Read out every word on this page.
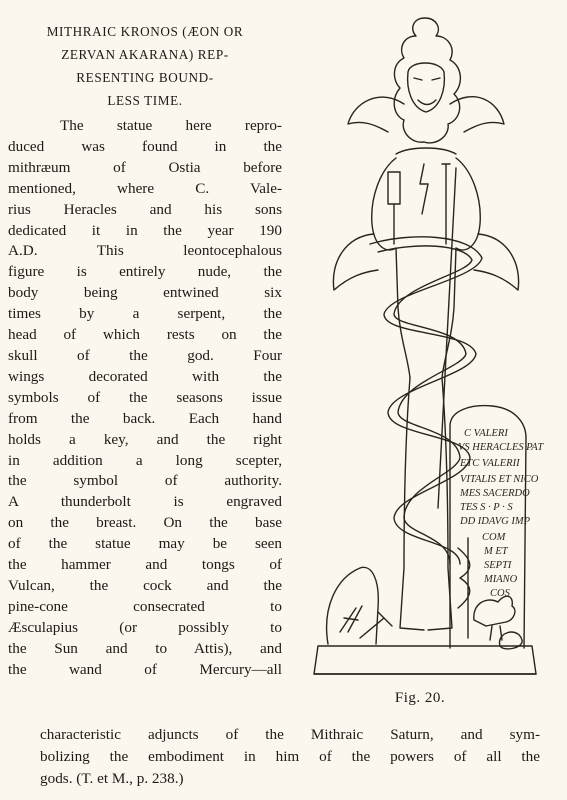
MITHRAIC KRONOS (ÆON OR
ZERVAN AKARANA) REP-
RESENTING BOUND-
LESS TIME.

The statue here repro-
duced was found in the
mithræum of Ostia before
mentioned, where C. Vale-
rius Heracles and his sons
dedicated it in the year 190
A.D. This leontocephalous
figure is entirely nude, the
body being entwined six
times by a serpent, the
head of which rests on the
skull of the god. Four
wings decorated with the
symbols of the seasons issue
from the back. Each hand
holds a key, and the right
in addition a long scepter,
the symbol of authority.
A thunderbolt is engraved
on the breast. On the base
of the statue may be seen
the hammer and tongs of
Vulcan, the cock and the
pine-cone consecrated to
Æsculapius (or possibly to
the Sun and to Attis), and
the wand of Mercury—all

C VALERI
VS HERACLES PAT
ETC VALERII
VITALIS ET NICO
MES SACERDO
TES S · P · S
DD IDAVG IMP
COM
M ET
SEPTI
MIANO
COS
Fig. 20.

characteristic adjuncts of the Mithraic Saturn, and sym-
bolizing the embodiment in him of the powers of all the
gods. (T. et M., p. 238.)
